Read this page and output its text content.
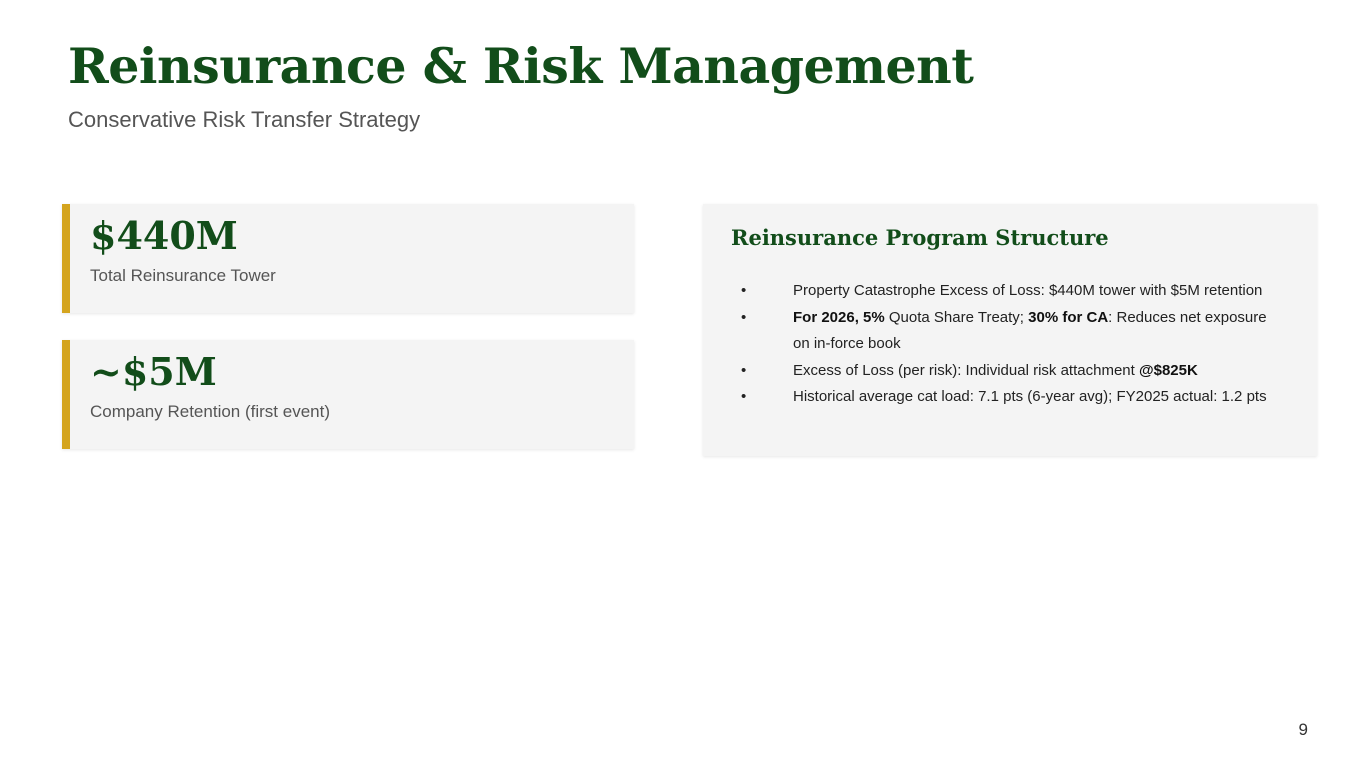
Reinsurance & Risk Management
Conservative Risk Transfer Strategy
$440M
Total Reinsurance Tower
~$5M
Company Retention (first event)
Reinsurance Program Structure
•	Property Catastrophe Excess of Loss: $440M tower with $5M retention
•	For 2026, 5% Quota Share Treaty; 30% for CA: Reduces net exposure on in-force book
•	Excess of Loss (per risk): Individual risk attachment @$825K
•	Historical average cat load: 7.1 pts (6-year avg); FY2025 actual: 1.2 pts
9
